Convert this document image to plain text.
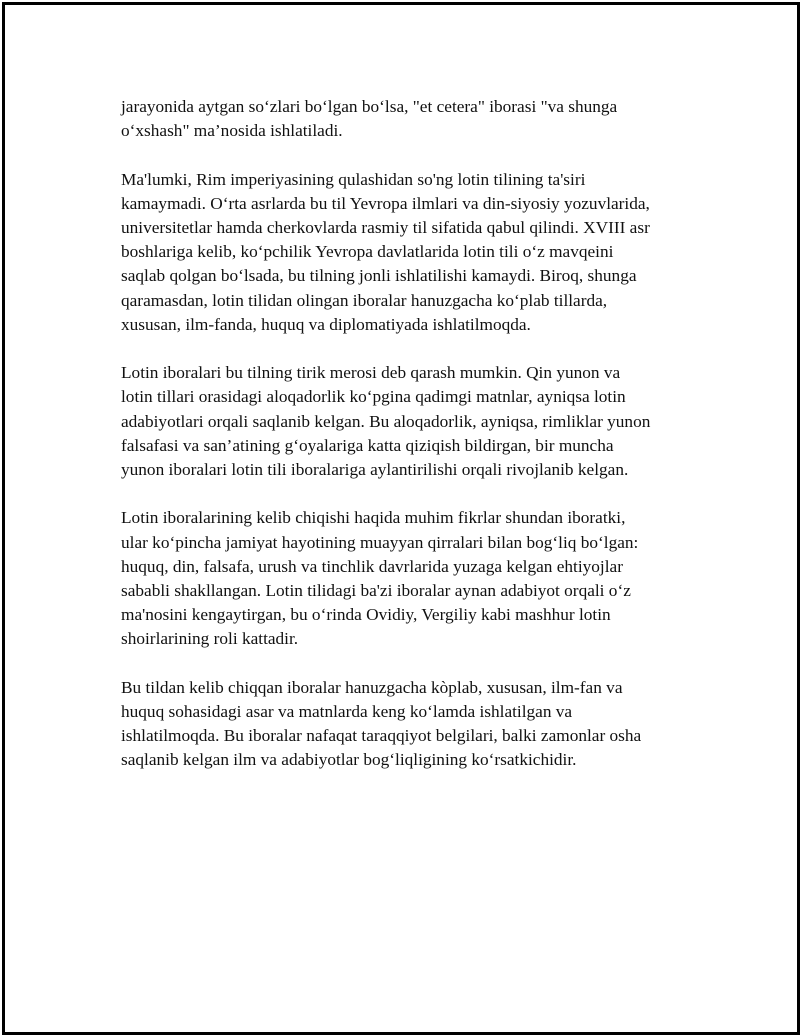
jarayonida aytgan so‘zlari bo‘lgan bo‘lsa, "et cetera" iborasi "va shunga
o‘xshash" ma’nosida ishlatiladi.

Ma'lumki, Rim imperiyasining qulashidan so'ng lotin tilining ta'siri
kamaymadi. O‘rta asrlarda bu til Yevropa ilmlari va din-siyosiy yozuvlarida,
universitetlar hamda cherkovlarda rasmiy til sifatida qabul qilindi. XVIII asr
boshlariga kelib, ko‘pchilik Yevropa davlatlarida lotin tili o‘z mavqeini
saqlab qolgan bo‘lsada, bu tilning jonli ishlatilishi kamaydi. Biroq, shunga
qaramasdan, lotin tilidan olingan iboralar hanuzgacha ko‘plab tillarda,
xususan, ilm-fanda, huquq va diplomatiyada ishlatilmoqda.

Lotin iboralari bu tilning tirik merosi deb qarash mumkin. Qin yunon va
lotin tillari orasidagi aloqadorlik ko‘pgina qadimgi matnlar, ayniqsa lotin
adabiyotlari orqali saqlanib kelgan. Bu aloqadorlik, ayniqsa, rimliklar yunon
falsafasi va san’atining g‘oyalariga katta qiziqish bildirgan, bir muncha
yunon iboralari lotin tili iboralariga aylantirilishi orqali rivojlanib kelgan.

Lotin iboralarining kelib chiqishi haqida muhim fikrlar shundan iboratki,
ular ko‘pincha jamiyat hayotining muayyan qirralari bilan bog‘liq bo‘lgan:
huquq, din, falsafa, urush va tinchlik davrlarida yuzaga kelgan ehtiyojlar
sababli shakllangan. Lotin tilidagi ba'zi iboralar aynan adabiyot orqali o‘z
ma'nosini kengaytirgan, bu o‘rinda Ovidiy, Vergiliy kabi mashhur lotin
shoirlarining roli kattadir.

Bu tildan kelib chiqqan iboralar hanuzgacha kòplab, xususan, ilm-fan va
huquq sohasidagi asar va matnlarda keng ko‘lamda ishlatilgan va
ishlatilmoqda. Bu iboralar nafaqat taraqqiyot belgilari, balki zamonlar osha
saqlanib kelgan ilm va adabiyotlar bog‘liqligining ko‘rsatkichidir.
